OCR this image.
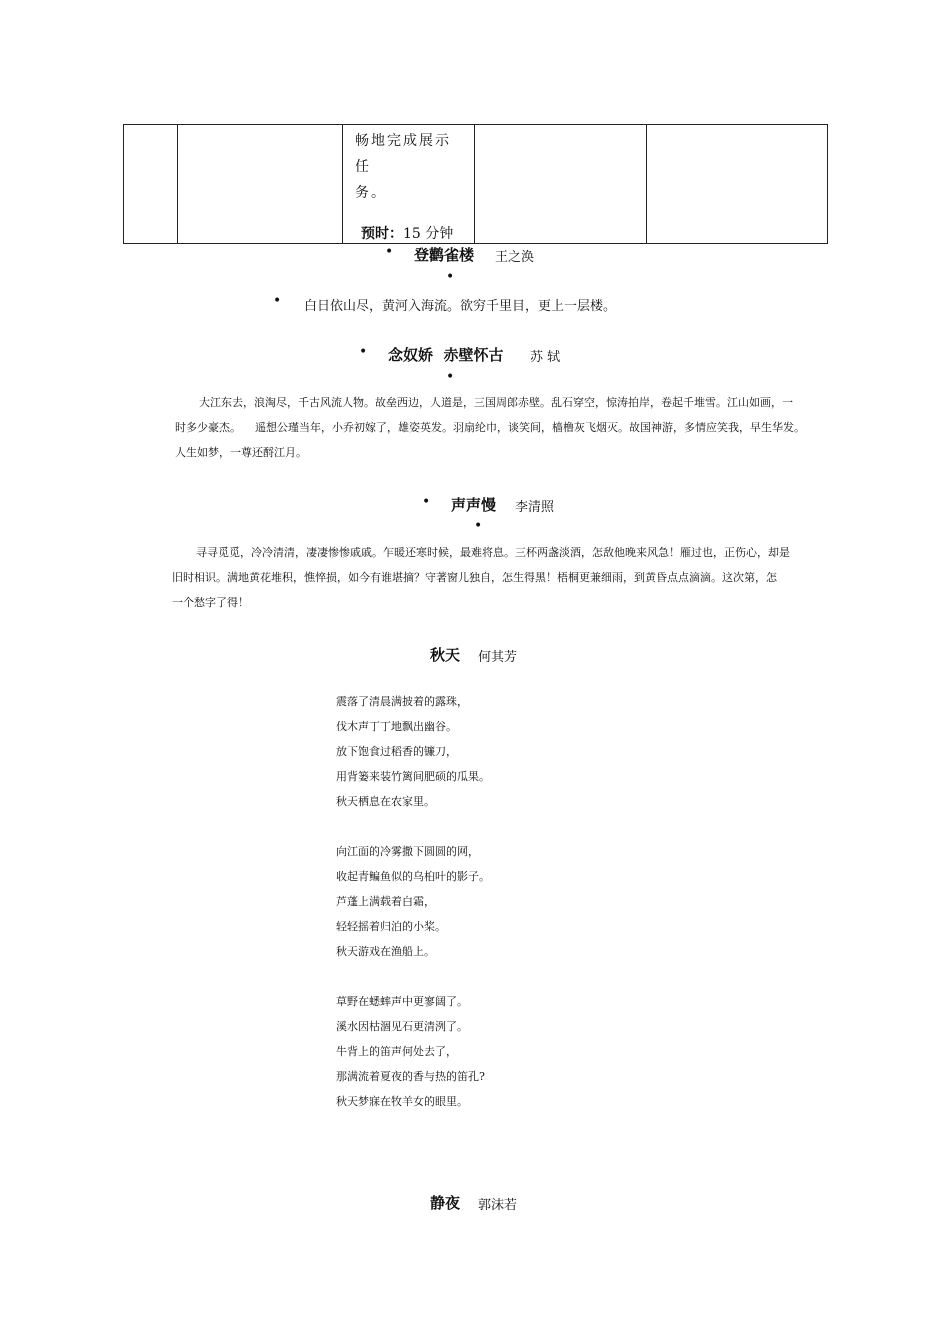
畅地完成展示任
务。
预时：15 分钟

• 登鹳雀楼 王之涣
•
• 白日依山尽，黄河入海流。欲穷千里目，更上一层楼。
• 念奴娇  赤壁怀古 苏 轼
•
大江东去，浪淘尽，千古风流人物。故垒西边，人道是，三国周郎赤壁。乱石穿空，惊涛拍岸，卷起千堆雪。江山如画，一
时多少豪杰。    遥想公瑾当年，小乔初嫁了，雄姿英发。羽扇纶巾，谈笑间，樯橹灰飞烟灭。故国神游，多情应笑我，早生华发。
人生如梦，一尊还酹江月。
• 声声慢 李清照
•
寻寻觅觅，冷冷清清，凄凄惨惨戚戚。乍暖还寒时候，最难将息。三杯两盏淡酒，怎敌他晚来风急！雁过也，正伤心，却是
旧时相识。满地黄花堆积，憔悴损，如今有谁堪摘？守著窗儿独自，怎生得黑！梧桐更兼细雨，到黄昏点点滴滴。这次第，怎
一个愁字了得！
秋天 何其芳
震落了清晨满披着的露珠，
伐木声丁丁地飘出幽谷。
放下饱食过稻香的镰刀，
用背篓来装竹篱间肥硕的瓜果。
秋天栖息在农家里。
向江面的冷雾撒下圆圆的网，
收起青鳊鱼似的乌桕叶的影子。
芦蓬上满载着白霜，
轻轻摇着归泊的小桨。
秋天游戏在渔船上。
草野在蟋蟀声中更寥阔了。
溪水因枯涸见石更清洌了。
牛背上的笛声何处去了，
那满流着夏夜的香与热的笛孔?
秋天梦寐在牧羊女的眼里。
静夜 郭沫若
